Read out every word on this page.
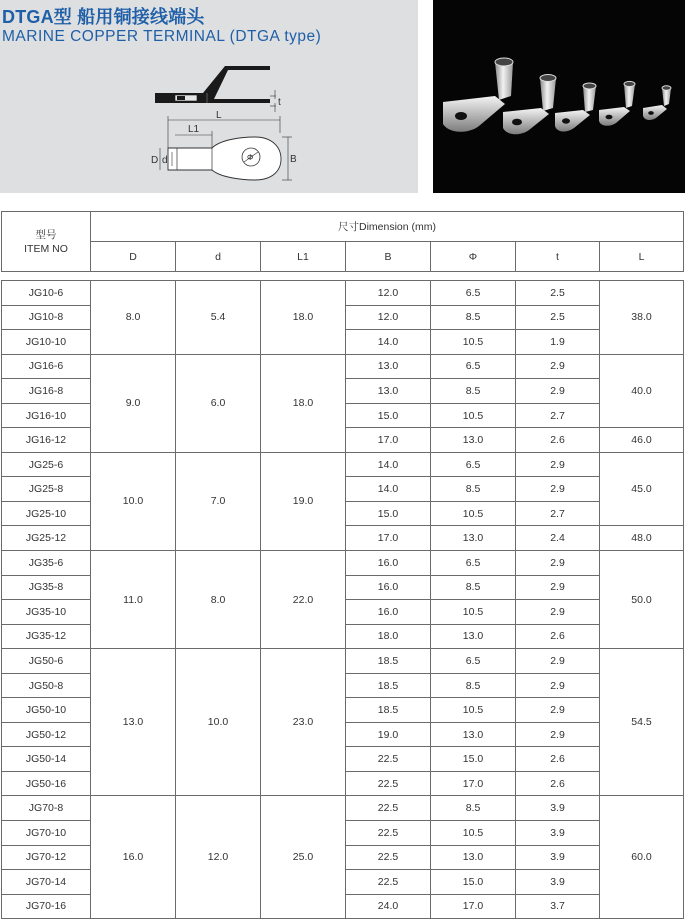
DTGA型 船用铜接线端头
MARINE COPPER TERMINAL (DTGA type)
t
L
L1
Φ	B
D d
型号
ITEM NO	尺寸Dimension (mm)						
	D	d	L1	B	Φ	t	L

JG10-6	8.0	5.4	18.0	12.0	6.5	2.5	38.0
JG10-8				12.0	8.5	2.5	
JG10-10				14.0	10.5	1.9	
JG16-6	9.0	6.0	18.0	13.0	6.5	2.9	40.0
JG16-8				13.0	8.5	2.9	
JG16-10				15.0	10.5	2.7	
JG16-12				17.0	13.0	2.6	46.0
JG25-6	10.0	7.0	19.0	14.0	6.5	2.9	45.0
JG25-8				14.0	8.5	2.9	
JG25-10				15.0	10.5	2.7	
JG25-12				17.0	13.0	2.4	48.0
JG35-6	11.0	8.0	22.0	16.0	6.5	2.9	50.0
JG35-8				16.0	8.5	2.9	
JG35-10				16.0	10.5	2.9	
JG35-12				18.0	13.0	2.6	
JG50-6	13.0	10.0	23.0	18.5	6.5	2.9	54.5
JG50-8				18.5	8.5	2.9	
JG50-10				18.5	10.5	2.9	
JG50-12				19.0	13.0	2.9	
JG50-14				22.5	15.0	2.6	
JG50-16				22.5	17.0	2.6	
JG70-8	16.0	12.0	25.0	22.5	8.5	3.9	60.0
JG70-10				22.5	10.5	3.9	
JG70-12				22.5	13.0	3.9	
JG70-14				22.5	15.0	3.9	
JG70-16				24.0	17.0	3.7	
